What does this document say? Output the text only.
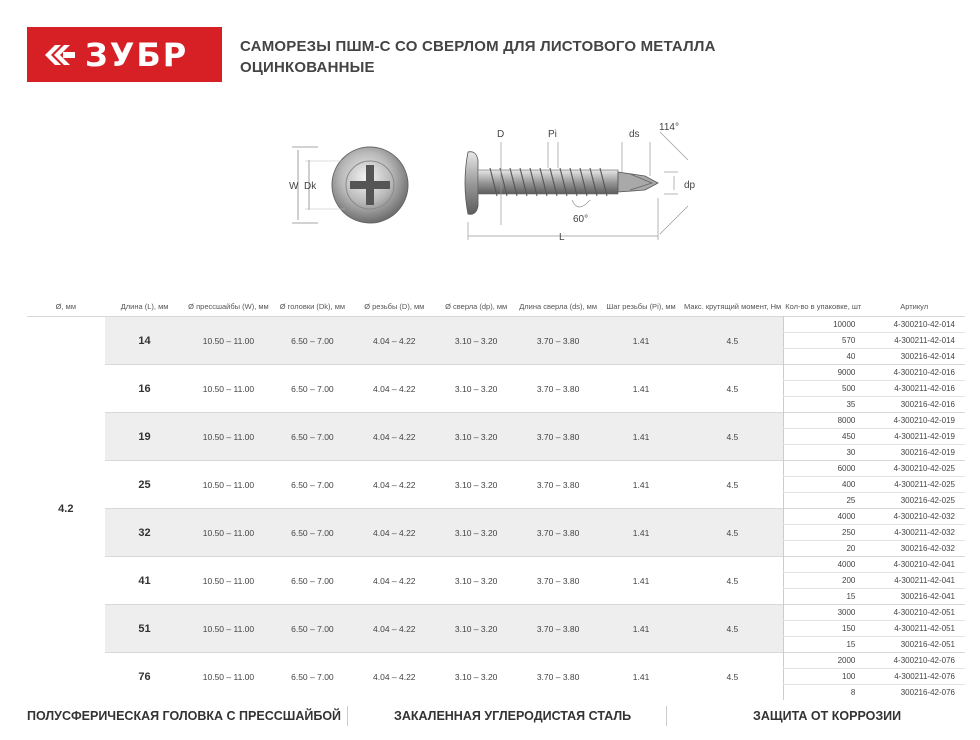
ЗУБР	САМОРЕЗЫ ПШМ-С СО СВЕРЛОМ ДЛЯ ЛИСТОВОГО МЕТАЛЛА
ОЦИНКОВАННЫЕ
W Dk
D	Pi	ds
114°
dp
60°
L
Ø, мм	Длина (L), мм	Ø прессшайбы (W), мм	Ø головки (Dk), мм	Ø резьбы (D), мм	Ø сверла (dp), мм	Длина сверла (ds), мм	Шаг резьбы (Pi), мм	Макс. крутящий момент, Нм	Кол-во в упаковке, шт	Артикул
4.2	14	10.50 – 11.00	6.50 – 7.00	4.04 – 4.22	3.10 – 3.20	3.70 – 3.80	1.41	4.5	10000	4-300210-42-014
									570	4-300211-42-014
									40	300216-42-014
	16	10.50 – 11.00	6.50 – 7.00	4.04 – 4.22	3.10 – 3.20	3.70 – 3.80	1.41	4.5	9000	4-300210-42-016
									500	4-300211-42-016
									35	300216-42-016
	19	10.50 – 11.00	6.50 – 7.00	4.04 – 4.22	3.10 – 3.20	3.70 – 3.80	1.41	4.5	8000	4-300210-42-019
									450	4-300211-42-019
									30	300216-42-019
	25	10.50 – 11.00	6.50 – 7.00	4.04 – 4.22	3.10 – 3.20	3.70 – 3.80	1.41	4.5	6000	4-300210-42-025
									400	4-300211-42-025
									25	300216-42-025
	32	10.50 – 11.00	6.50 – 7.00	4.04 – 4.22	3.10 – 3.20	3.70 – 3.80	1.41	4.5	4000	4-300210-42-032
									250	4-300211-42-032
									20	300216-42-032
	41	10.50 – 11.00	6.50 – 7.00	4.04 – 4.22	3.10 – 3.20	3.70 – 3.80	1.41	4.5	4000	4-300210-42-041
									200	4-300211-42-041
									15	300216-42-041
	51	10.50 – 11.00	6.50 – 7.00	4.04 – 4.22	3.10 – 3.20	3.70 – 3.80	1.41	4.5	3000	4-300210-42-051
									150	4-300211-42-051
									15	300216-42-051
	76	10.50 – 11.00	6.50 – 7.00	4.04 – 4.22	3.10 – 3.20	3.70 – 3.80	1.41	4.5	2000	4-300210-42-076
									100	4-300211-42-076
									8	300216-42-076
ПОЛУСФЕРИЧЕСКАЯ ГОЛОВКА С ПРЕССШАЙБОЙ	ЗАКАЛЕННАЯ УГЛЕРОДИСТАЯ СТАЛЬ	ЗАЩИТА ОТ КОРРОЗИИ
